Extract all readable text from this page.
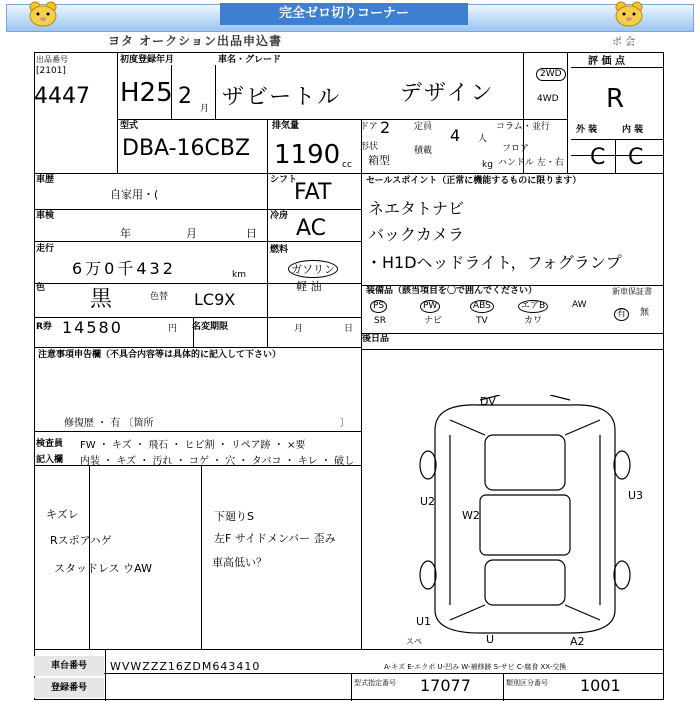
完全ゼロ切りコーナー
ヨタ オークション出品申込書	ポ 会
出品番号
[2101]
4447
初度登録年月
H25 2 月
車名・グレード
ザビートル	デザイン
2WD
4WD
評 価 点
R
外 装	内 装
C C
型式
DBA-16CBZ
排気量
1190 cc
ドア 2	定員 4 人
形状
箱型
積載
kg
コラム・並行
フロア
ハンドル 左・右
車歴
自家用・(
シフト
FAT
車検
年	月	日
冷房 AC
走行
6万0千432	km
燃料
ガソリン
軽 油
色 黒	色替 LC9X
R券 14580	円 名変期限	月	日
注意事項申告欄（不具合内容等は具体的に記入して下さい）
修復歴 ・ 有 〔箇所	〕
検査員 記入欄
FW ・ キズ ・ 飛石 ・ ヒビ割 ・ リペア跡 ・ ×要
内装 ・ キズ ・ 汚れ ・ コゲ ・ 穴 ・ タバコ ・ キレ ・ 破し
キズレ
Rスポアハゲ
スタッドレス ウAW
下廻りS
左F サイドメンバー 歪み
車高低い？
セールスポイント（正常に機能するものに限ります）
ネエタトナビ
バックカメラ
・H1Dヘッドライト，フォグランプ
装備品（該当項目を〇で囲んでください）	新車保証書
PS	PW	ABS	エアB	AW
SR	ナビ	TV	カワ
有	無
後日品
DV
U2
W2
U3
U1
A2
U
スペ
車台番号	WVWZZZ16ZDM643410	A-キズ E-エクボ U-凹み W-補修跡 S-サビ C-腐食 XX-交換
登録番号	型式指定番号 17077	類別区分番号 1001
